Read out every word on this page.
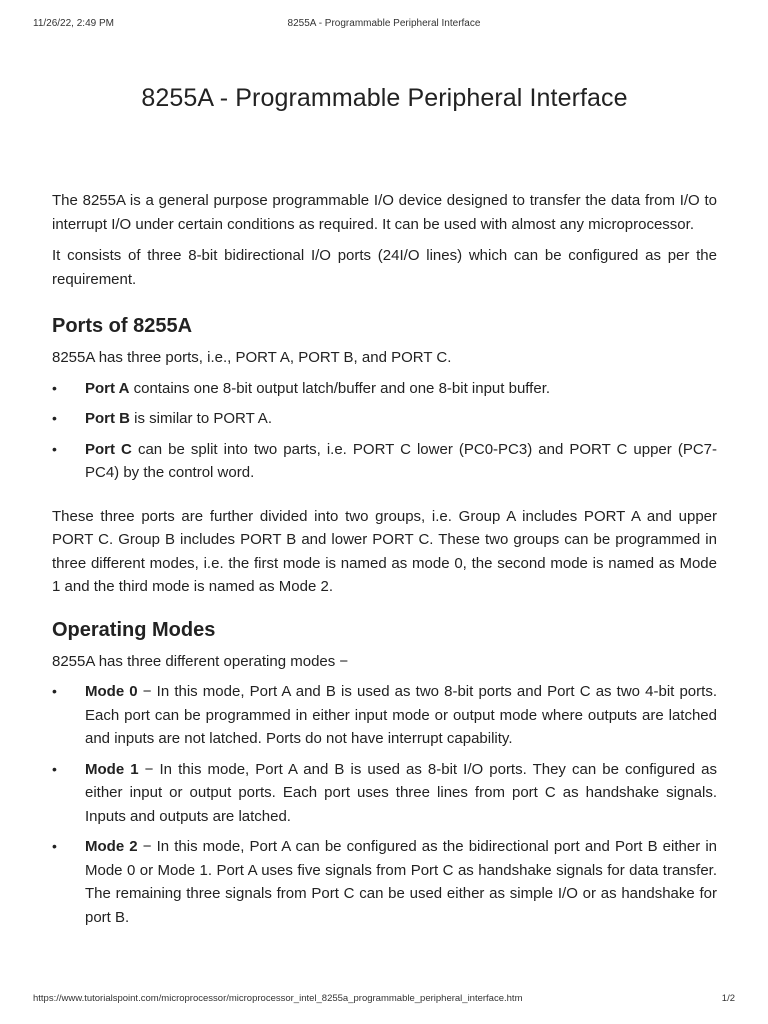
11/26/22, 2:49 PM	8255A - Programmable Peripheral Interface
8255A - Programmable Peripheral Interface

The 8255A is a general purpose programmable I/O device designed to transfer the data from I/O to interrupt I/O under certain conditions as required. It can be used with almost any microprocessor.

It consists of three 8-bit bidirectional I/O ports (24I/O lines) which can be configured as per the requirement.

Ports of 8255A

8255A has three ports, i.e., PORT A, PORT B, and PORT C.

•	Port A contains one 8-bit output latch/buffer and one 8-bit input buffer.
•	Port B is similar to PORT A.
•	Port C can be split into two parts, i.e. PORT C lower (PC0-PC3) and PORT C upper (PC7-PC4) by the control word.

These three ports are further divided into two groups, i.e. Group A includes PORT A and upper PORT C. Group B includes PORT B and lower PORT C. These two groups can be programmed in three different modes, i.e. the first mode is named as mode 0, the second mode is named as Mode 1 and the third mode is named as Mode 2.

Operating Modes

8255A has three different operating modes −

•	Mode 0 − In this mode, Port A and B is used as two 8-bit ports and Port C as two 4-bit ports. Each port can be programmed in either input mode or output mode where outputs are latched and inputs are not latched. Ports do not have interrupt capability.
•	Mode 1 − In this mode, Port A and B is used as 8-bit I/O ports. They can be configured as either input or output ports. Each port uses three lines from port C as handshake signals. Inputs and outputs are latched.
•	Mode 2 − In this mode, Port A can be configured as the bidirectional port and Port B either in Mode 0 or Mode 1. Port A uses five signals from Port C as handshake signals for data transfer. The remaining three signals from Port C can be used either as simple I/O or as handshake for port B.
https://www.tutorialspoint.com/microprocessor/microprocessor_intel_8255a_programmable_peripheral_interface.htm	1/2
